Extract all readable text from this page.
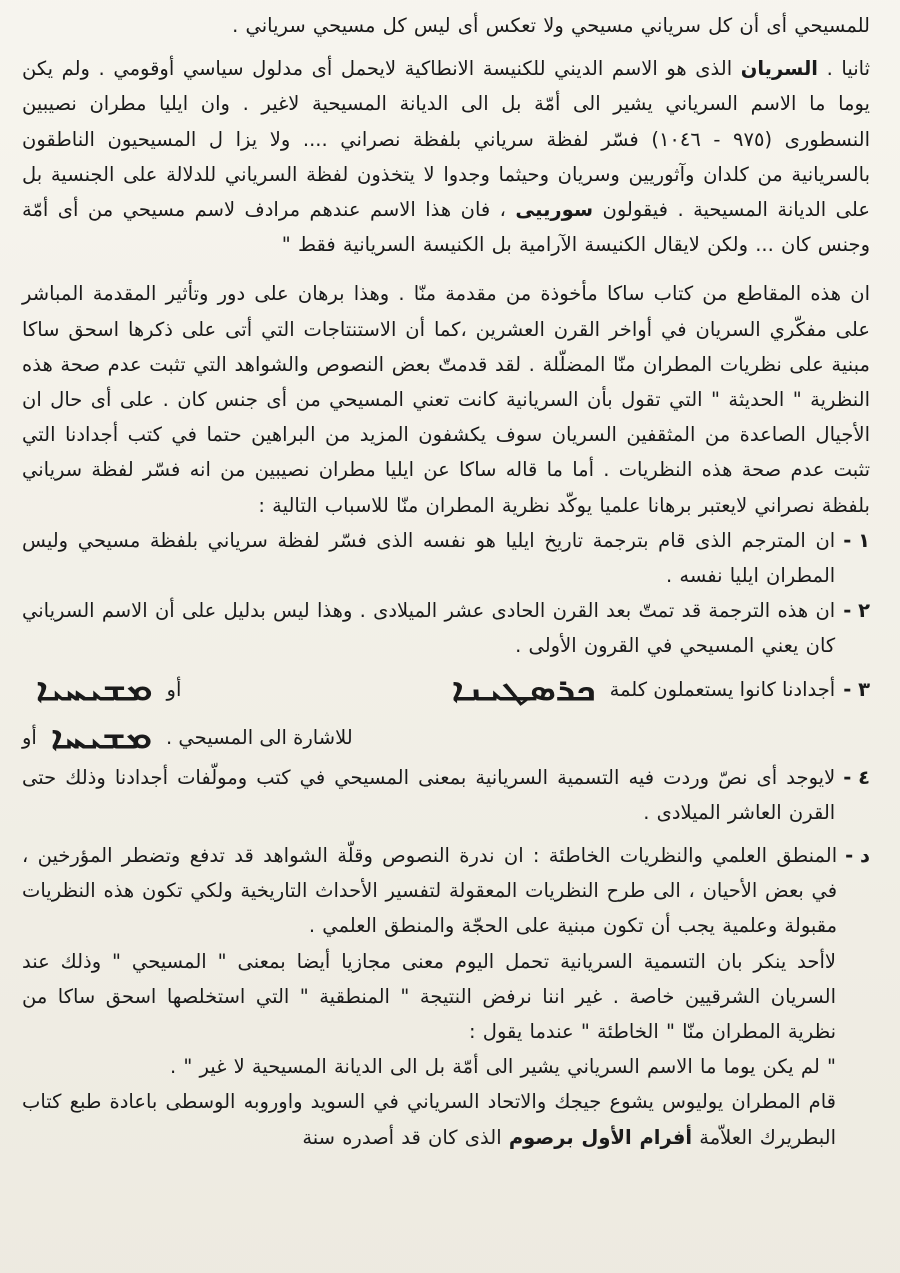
للمسيحي أى أن كل سرياني مسيحي ولا تعكس أى ليس كل مسيحي سرياني .

ثانيا . السريان الذى هو الاسم الديني للكنيسة الانطاكية لايحمل أى مدلول سياسي أوقومي . ولم يكن يوما ما الاسم السرياني يشير الى أمّة بل الى الديانة المسيحية لاغير . وان ايليا مطران نصيبين النسطورى (٩٧٥ - ١٠٤٦) فسّر لفظة سرياني بلفظة نصراني .... ولا يزا ل المسيحيون الناطقون بالسريانية من كلدان وآثوريين وسريان وحيثما وجدوا لا يتخذون لفظة السرياني للدلالة على الجنسية بل على الديانة المسيحية . فيقولون سورييى ، فان هذا الاسم عندهم مرادف لاسم مسيحي من أى أمّة وجنس كان ... ولكن لايقال الكنيسة الآرامية بل الكنيسة السريانية فقط "

ان هذه المقاطع من كتاب ساكا مأخوذة من مقدمة منّا . وهذا برهان على دور وتأثير المقدمة المباشر على مفكّري السريان في أواخر القرن العشرين ،كما أن الاستنتاجات التي أتى على ذكرها اسحق ساكا مبنية على نظريات المطران منّا المضلّلة . لقد قدمتّ بعض النصوص والشواهد التي تثبت عدم صحة هذه النظرية " الحديثة " التي تقول بأن السريانية كانت تعني المسيحي من أى جنس كان . على أى حال ان الأجيال الصاعدة من المثقفين السريان سوف يكشفون المزيد من البراهين حتما في كتب أجدادنا التي تثبت عدم صحة هذه النظريات . أما ما قاله ساكا عن ايليا مطران نصيبين من انه فسّر لفظة سرياني بلفظة نصراني لايعتبر برهانا علميا يوكّد نظرية المطران منّا للاسباب التالية :

١ -

ان المترجم الذى قام بترجمة تاريخ ايليا هو نفسه الذى فسّر لفظة سرياني بلفظة مسيحي وليس المطران ايليا نفسه .

٢ -

ان هذه الترجمة قد تمتّ بعد القرن الحادى عشر الميلادى . وهذا ليس بدليل على أن الاسم السرياني كان يعني المسيحي في القرون الأولى .

٣ -
أجدادنا كانوا يستعملون كلمة
ܟܪܣܛܝܢܐ
أو
ܡܫܝܚܝܐ
للاشارة الى المسيحي .
ܡܫܝܚܐ
أو
٤ -

لايوجد أى نصّ وردت فيه التسمية السريانية بمعنى المسيحي في كتب ومولّفات أجدادنا وذلك حتى القرن العاشر الميلادى .

د -

المنطق العلمي والنظريات الخاطئة : ان ندرة النصوص وقلّة الشواهد قد تدفع وتضطر المؤرخين ، في بعض الأحيان ، الى طرح النظريات المعقولة لتفسير الأحداث التاريخية ولكي تكون هذه النظريات مقبولة وعلمية يجب أن تكون مبنية على الحجّة والمنطق العلمي .

لاأحد ينكر بان التسمية السريانية تحمل اليوم معنى مجازيا أيضا بمعنى " المسيحي " وذلك عند السريان الشرقيين خاصة . غير اننا نرفض النتيجة " المنطقية " التي استخلصها اسحق ساكا من نظرية المطران منّا " الخاطئة " عندما يقول :

" لم يكن يوما ما الاسم السرياني يشير الى أمّة بل الى الديانة المسيحية لا غير " .

قام المطران يوليوس يشوع جيجك والاتحاد السرياني في السويد واوروبه الوسطى باعادة طبع كتاب البطريرك العلاّمة أفرام الأول برصوم الذى كان قد أصدره سنة
